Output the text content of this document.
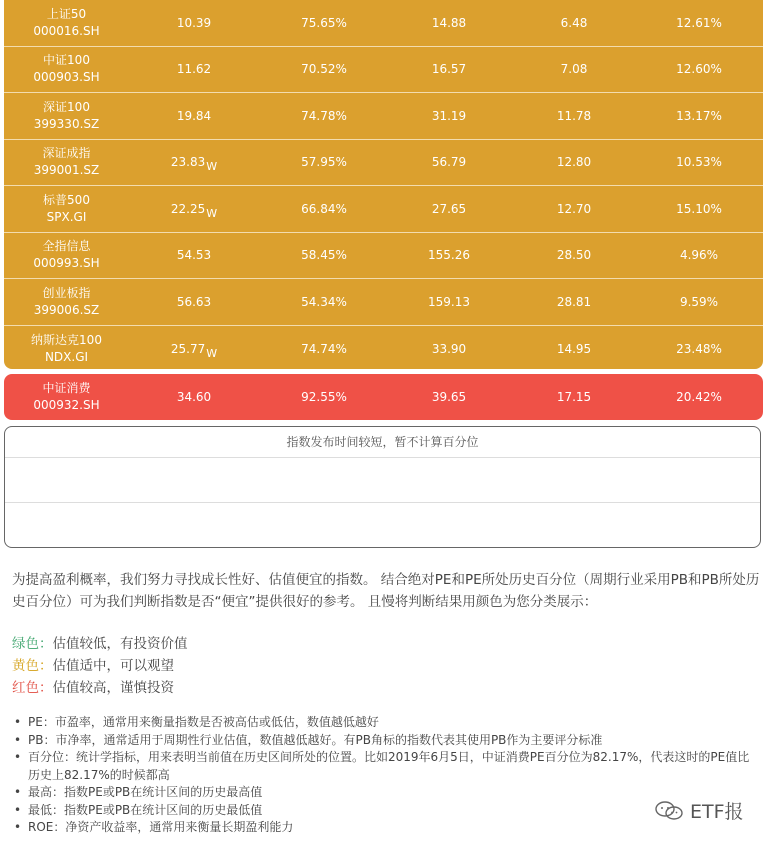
上证50
000016.SH
10.39	75.65%	14.88	6.48	12.61%
中证100
000903.SH
11.62	70.52%	16.57	7.08	12.60%
深证100
399330.SZ
19.84	74.78%	31.19	11.78	13.17%
深证成指
399001.SZ
23.83W	57.95%	56.79	12.80	10.53%
标普500
SPX.GI
22.25W	66.84%	27.65	12.70	15.10%
全指信息
000993.SH
54.53	58.45%	155.26	28.50	4.96%
创业板指
399006.SZ
56.63	54.34%	159.13	28.81	9.59%
纳斯达克100
NDX.GI
25.77W	74.74%	33.90	14.95	23.48%
中证消费
000932.SH
34.60	92.55%	39.65	17.15	20.42%
指数发布时间较短，暂不计算百分位
50AH优选
950090.SH
8.78W	--	12.79	7.47	3.42%
500低波动
930782.CSI
22.27	--	35.08	17.04	8.01%
为提高盈利概率，我们努力寻找成长性好、估值便宜的指数。 结合绝对PE和PE所处历史百分位（周期行业采用PB和PB所处历史百分位）可为我们判断指数是否“便宜”提供很好的参考。 且慢将判断结果用颜色为您分类展示：
绿色：估值较低，有投资价值
黄色：估值适中，可以观望
红色：估值较高，谨慎投资
• PE：市盈率，通常用来衡量指数是否被高估或低估，数值越低越好
• PB：市净率，通常适用于周期性行业估值，数值越低越好。有PB角标的指数代表其使用PB作为主要评分标准
• 百分位：统计学指标，用来表明当前值在历史区间所处的位置。比如2019年6月5日，中证消费PE百分位为82.17%，代表这时的PE值比历史上82.17%的时候都高
• 最高：指数PE或PB在统计区间的历史最高值
• 最低：指数PE或PB在统计区间的历史最低值
• ROE：净资产收益率，通常用来衡量长期盈利能力
ETF报
